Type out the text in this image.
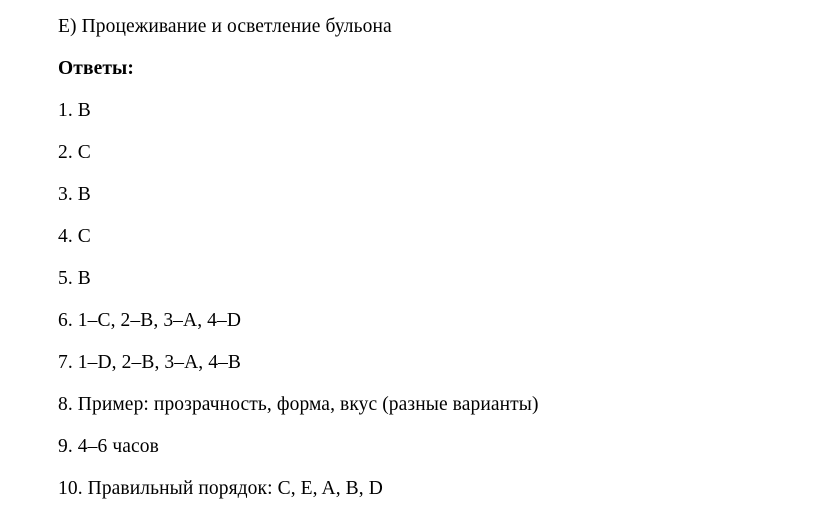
E) Процеживание и осветление бульона
Ответы:
1. B
2. C
3. B
4. C
5. B
6. 1–C, 2–B, 3–A, 4–D
7. 1–D, 2–B, 3–A, 4–B
8. Пример: прозрачность, форма, вкус (разные варианты)
9. 4–6 часов
10. Правильный порядок: C, E, A, B, D
